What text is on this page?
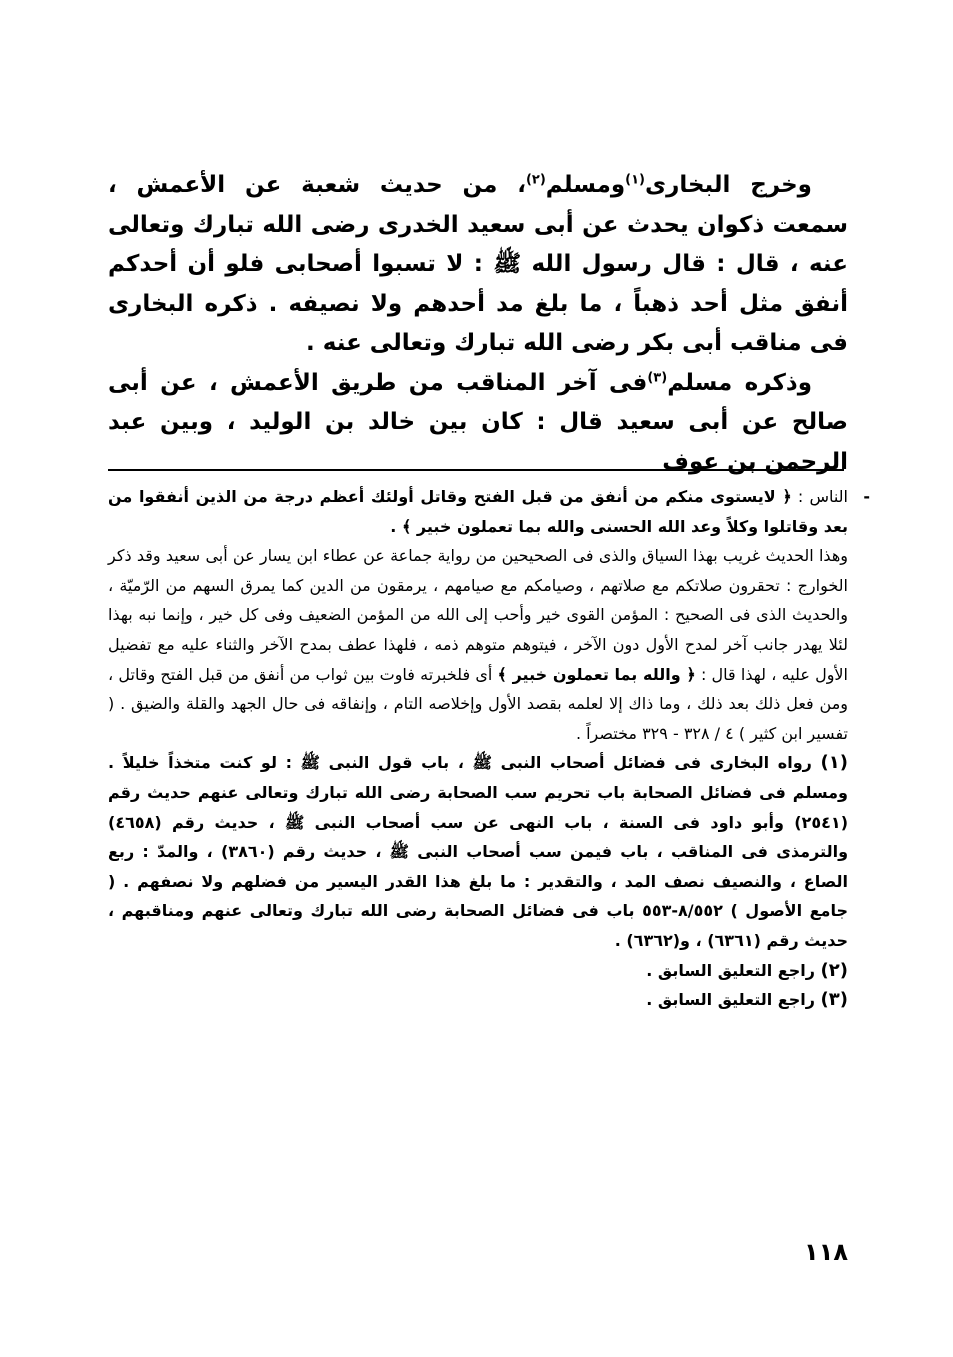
وخرج البخارى$^{(١)}$ومسلم$^{(٢)}$، من حديث شعبة عن الأعمش ، سمعت ذكوان يحدث عن أبى سعيد الخدرى رضى الله تبارك وتعالى عنه ، قال : قال رسول الله ﷺ : لا تسبوا أصحابى فلو أن أحدكم أنفق مثل أحد ذهباً ، ما بلغ مد أحدهم ولا نصيفه . ذكره البخارى فى مناقب أبى بكر رضى الله تبارك وتعالى عنه .

وذكره مسلم$^{(٣)}$فى آخر المناقب من طريق الأعمش ، عن أبى صالح عن أبى سعيد قال : كان بين خالد بن الوليد ، وبين عبد الرحمن بن عوف

-

الناس : ﴿ لايستوى منكم من أنفق من قبل الفتح وقاتل أولئك أعظم درجة من الذين أنفقوا من بعد وقاتلوا وكلاً وعد الله الحسنى والله بما تعملون خبير ﴾ .

وهذا الحديث غريب بهذا السياق والذى فى الصحيحين من رواية جماعة عن عطاء ابن يسار عن أبى سعيد وقد ذكر الخوارج : تحقرون صلاتكم مع صلاتهم ، وصيامكم مع صيامهم ، يرمقون من الدين كما يمرق السهم من الرّميّة ، والحديث الذى فى الصحيح : المؤمن القوى خير وأحب إلى الله من المؤمن الضعيف وفى كل خير ، وإنما نبه بهذا لئلا يهدر جانب آخر لمدح الأول دون الآخر ، فيتوهم متوهم ذمه ، فلهذا عطف بمدح الآخر والثناء عليه مع تفضيل الأول عليه ، لهذا قال : ﴿ والله بما تعملون خبير ﴾ أى فلخبرته فاوت بين ثواب من أنفق من قبل الفتح وقاتل ، ومن فعل ذلك بعد ذلك ، وما ذاك إلا لعلمه بقصد الأول وإخلاصه التام ، وإنفاقه فى حال الجهد والقلة والضيق . ( تفسير ابن كثير ) ٤ / ٣٢٨ - ٣٢٩ مختصراً .

(١) رواه البخارى فى فضائل أصحاب النبى ﷺ ، باب قول النبى ﷺ : لو كنت متخذاً خليلاً . ومسلم فى فضائل الصحابة باب تحريم سب الصحابة رضى الله تبارك وتعالى عنهم حديث رقم (٢٥٤١) وأبو داود فى السنة ، باب النهى عن سب أصحاب النبى ﷺ ، حديث رقم (٤٦٥٨) والترمذى فى المناقب ، باب فيمن سب أصحاب النبى ﷺ ، حديث رقم (٣٨٦٠) ، والمدّ : ربع الصاع ، والنصيف نصف المد ، والتقدير : ما بلغ هذا القدر اليسير من فضلهم ولا نصفهم . ( جامع الأصول ) ٨/٥٥٢-٥٥٣ باب فى فضائل الصحابة رضى الله تبارك وتعالى عنهم ومناقبهم ، حديث رقم (٦٣٦١) ، و(٦٣٦٢) .

(٢) راجع التعليق السابق .

(٣) راجع التعليق السابق .

١١٨
